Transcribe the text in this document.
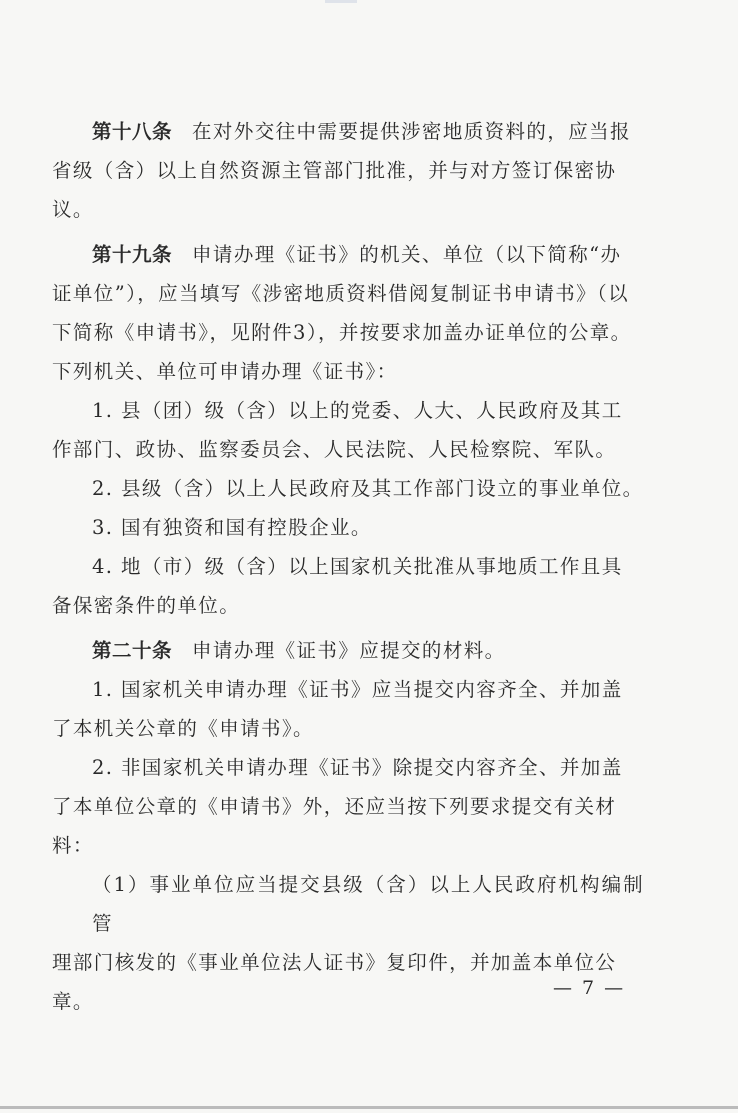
第十八条 在对外交往中需要提供涉密地质资料的，应当报

省级（含）以上自然资源主管部门批准，并与对方签订保密协

议。

第十九条 申请办理《证书》的机关、单位（以下简称“办

证单位”），应当填写《涉密地质资料借阅复制证书申请书》（以

下简称《申请书》，见附件3），并按要求加盖办证单位的公章。

下列机关、单位可申请办理《证书》：

1. 县（团）级（含）以上的党委、人大、人民政府及其工

作部门、政协、监察委员会、人民法院、人民检察院、军队。

2. 县级（含）以上人民政府及其工作部门设立的事业单位。

3. 国有独资和国有控股企业。

4. 地（市）级（含）以上国家机关批准从事地质工作且具

备保密条件的单位。

第二十条 申请办理《证书》应提交的材料。

1. 国家机关申请办理《证书》应当提交内容齐全、并加盖

了本机关公章的《申请书》。

2. 非国家机关申请办理《证书》除提交内容齐全、并加盖

了本单位公章的《申请书》外，还应当按下列要求提交有关材

料：

（1）事业单位应当提交县级（含）以上人民政府机构编制管

理部门核发的《事业单位法人证书》复印件，并加盖本单位公

章。

— 7 —
